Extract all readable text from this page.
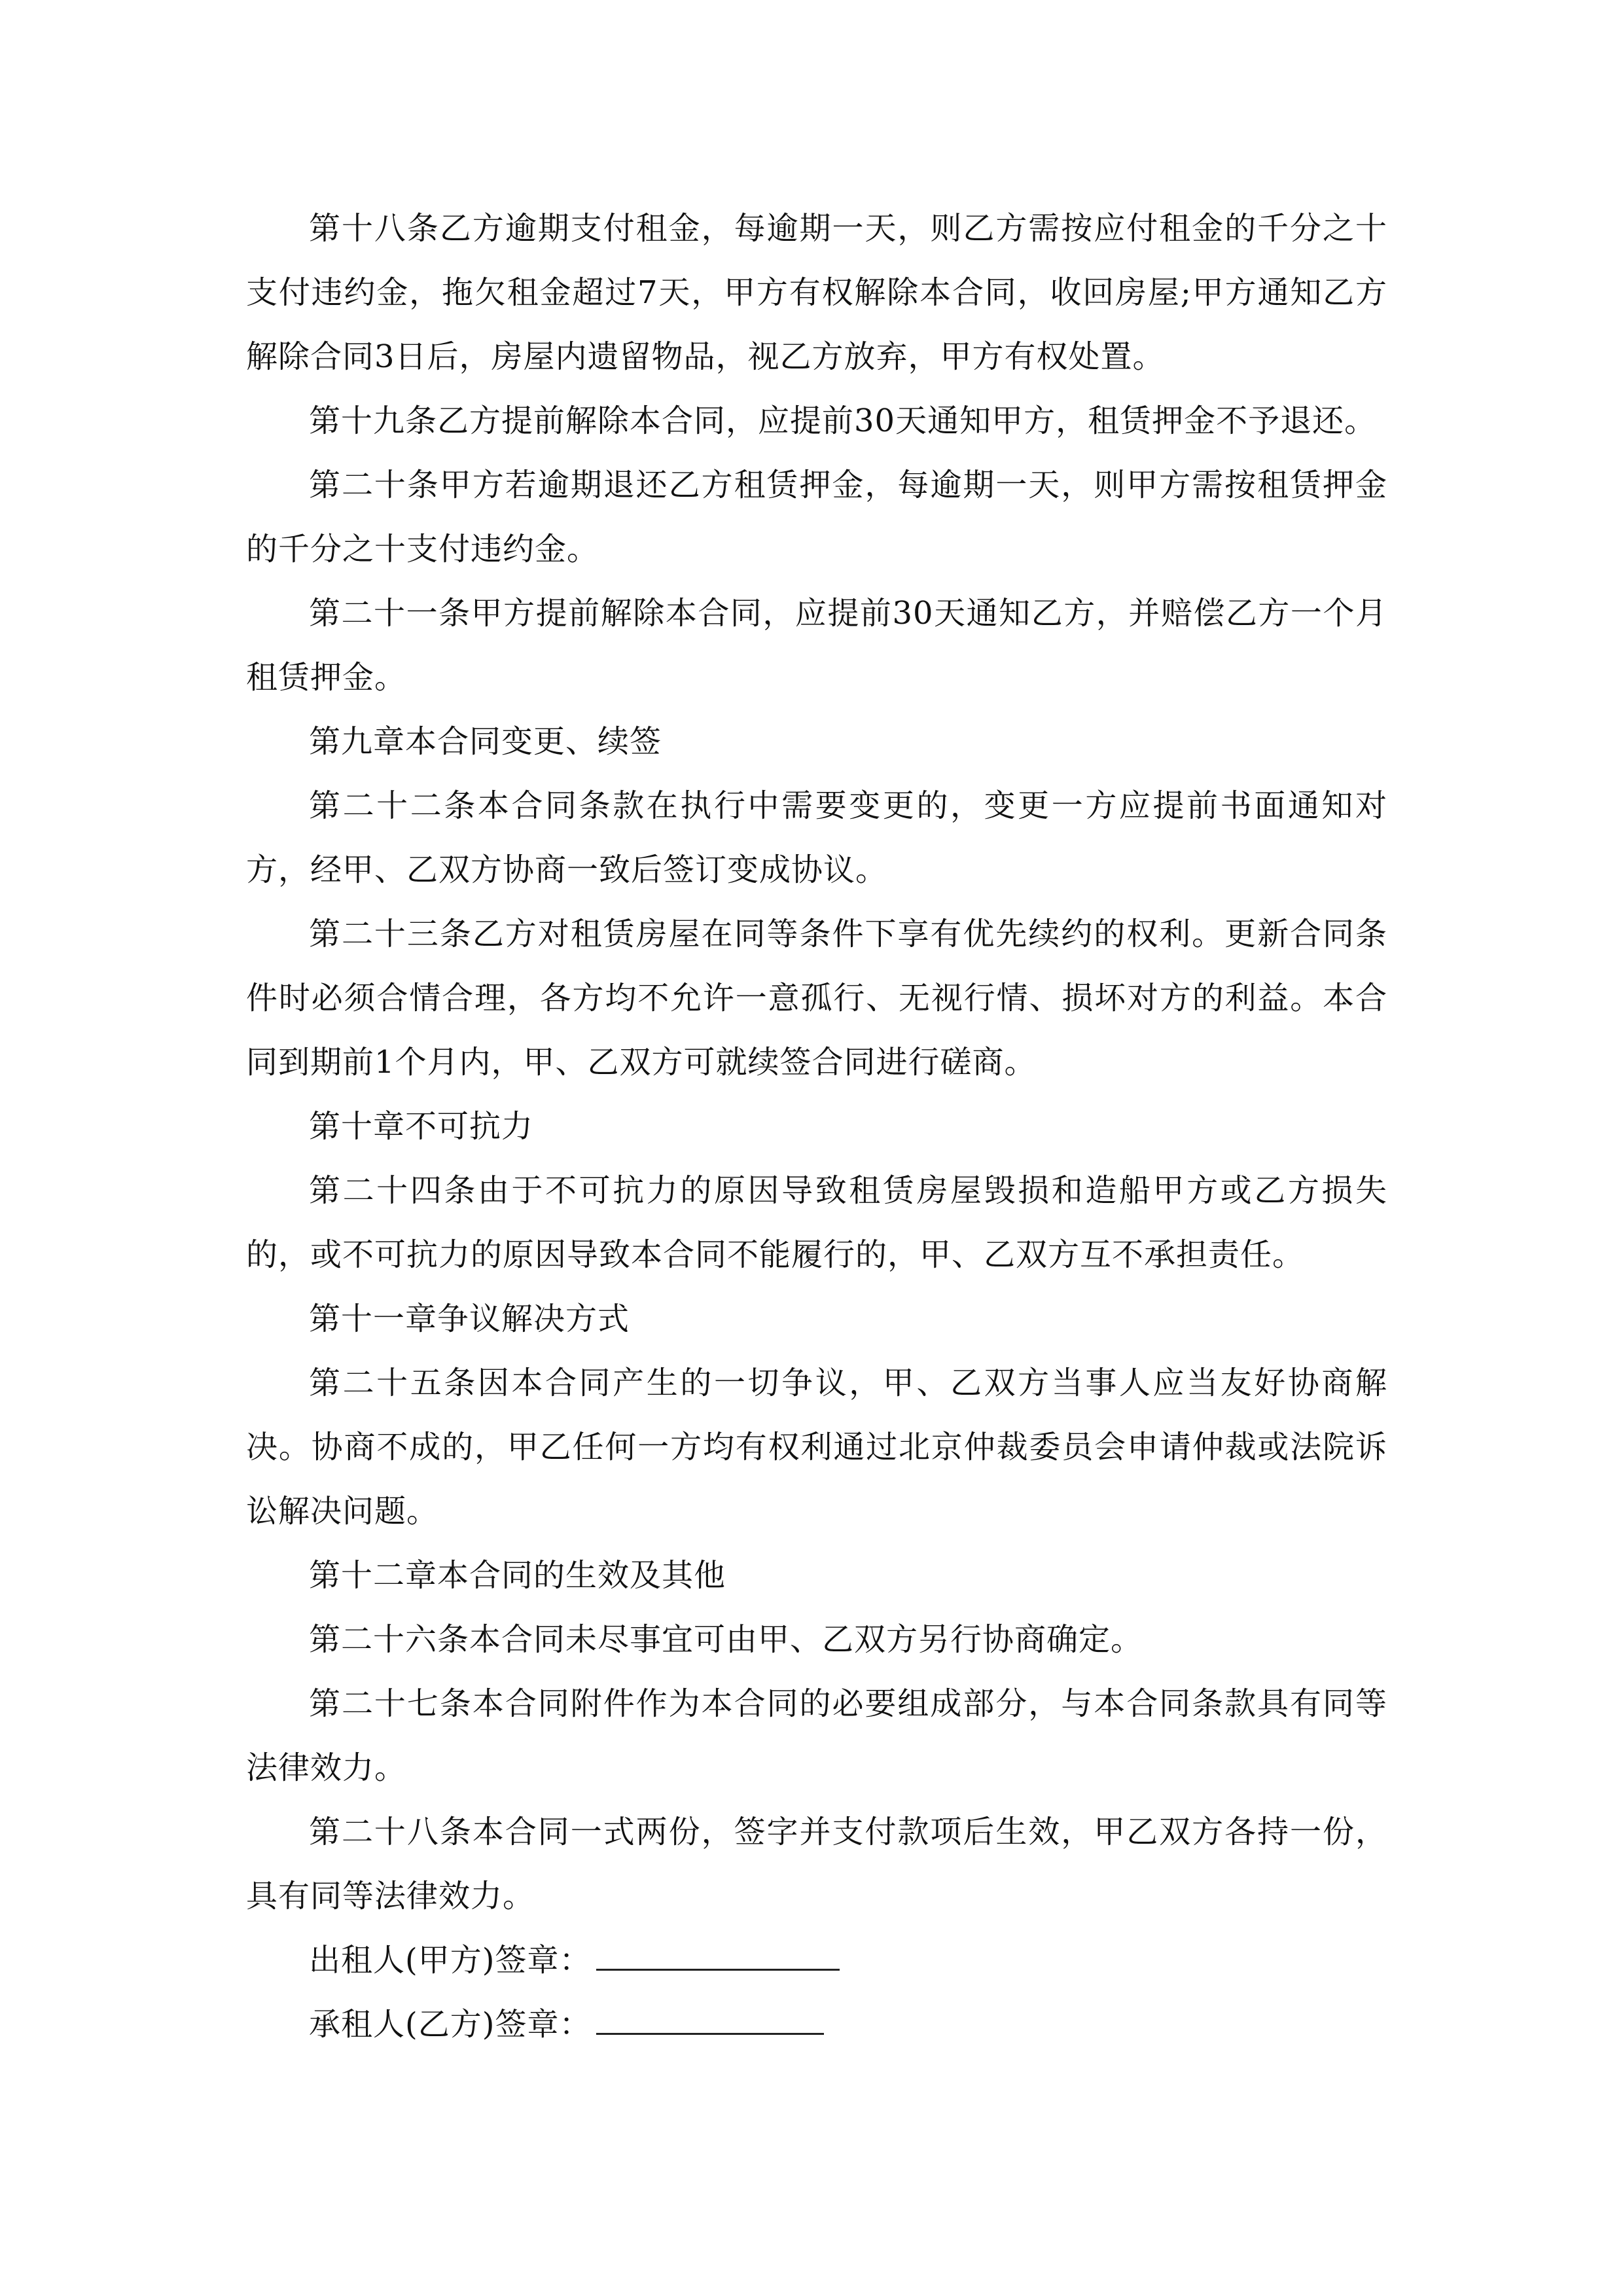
第十八条乙方逾期支付租金，每逾期一天，则乙方需按应付租金的千分之十支付违约金，拖欠租金超过7天，甲方有权解除本合同，收回房屋;甲方通知乙方解除合同3日后，房屋内遗留物品，视乙方放弃，甲方有权处置。

第十九条乙方提前解除本合同，应提前30天通知甲方，租赁押金不予退还。

第二十条甲方若逾期退还乙方租赁押金，每逾期一天，则甲方需按租赁押金的千分之十支付违约金。

第二十一条甲方提前解除本合同，应提前30天通知乙方，并赔偿乙方一个月租赁押金。

第九章本合同变更、续签

第二十二条本合同条款在执行中需要变更的，变更一方应提前书面通知对方，经甲、乙双方协商一致后签订变成协议。

第二十三条乙方对租赁房屋在同等条件下享有优先续约的权利。更新合同条件时必须合情合理，各方均不允许一意孤行、无视行情、损坏对方的利益。本合同到期前1个月内，甲、乙双方可就续签合同进行磋商。

第十章不可抗力

第二十四条由于不可抗力的原因导致租赁房屋毁损和造船甲方或乙方损失的，或不可抗力的原因导致本合同不能履行的，甲、乙双方互不承担责任。

第十一章争议解决方式

第二十五条因本合同产生的一切争议，甲、乙双方当事人应当友好协商解决。协商不成的，甲乙任何一方均有权利通过北京仲裁委员会申请仲裁或法院诉讼解决问题。

第十二章本合同的生效及其他

第二十六条本合同未尽事宜可由甲、乙双方另行协商确定。

第二十七条本合同附件作为本合同的必要组成部分，与本合同条款具有同等法律效力。

第二十八条本合同一式两份，签字并支付款项后生效，甲乙双方各持一份，具有同等法律效力。

出租人(甲方)签章：
承租人(乙方)签章：
